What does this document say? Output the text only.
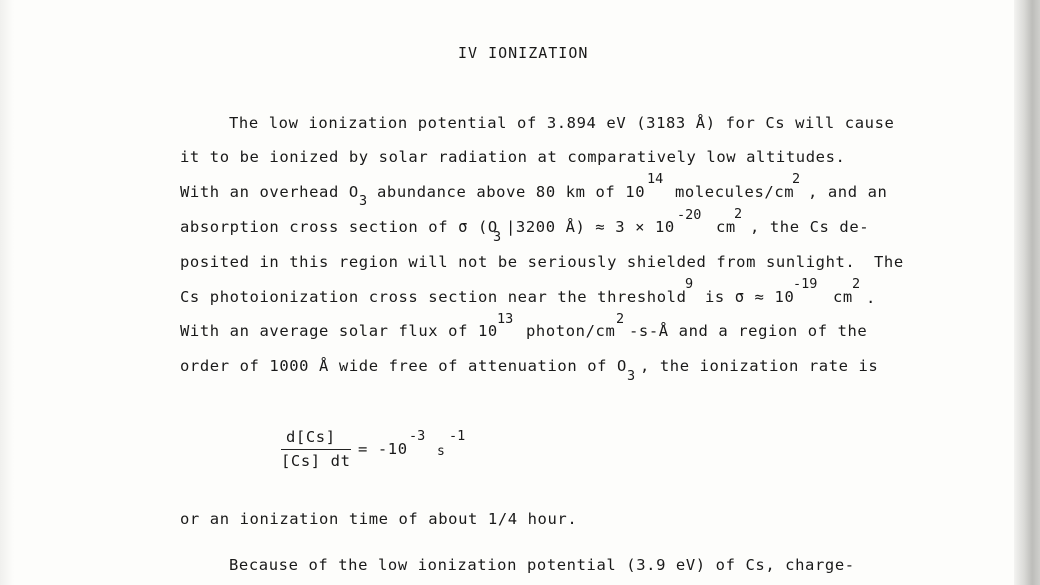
IV IONIZATION
The low ionization potential of 3.894 eV (3183 Å) for Cs will cause
it to be ionized by solar radiation at comparatively low altitudes.
With an overhead O 3 abundance above 80 km of 10
14
molecules/cm
2
, and an
absorption cross section of σ (O
3
|3200 Å) ≈ 3 × 10
-20
cm
2
, the Cs de-
posited in this region will not be seriously shielded from sunlight. The
Cs photoionization cross section near the threshold
9
is σ ≈ 10
-19
cm
2
.
With an average solar flux of 10
13
photon/cm
2
-s-Å and a region of the
order of 1000 Å wide free of attenuation of O
3
, the ionization rate is
d[Cs]
[Cs] dt
= -10
-3
s
-1
or an ionization time of about 1/4 hour.
Because of the low ionization potential (3.9 eV) of Cs, charge-
